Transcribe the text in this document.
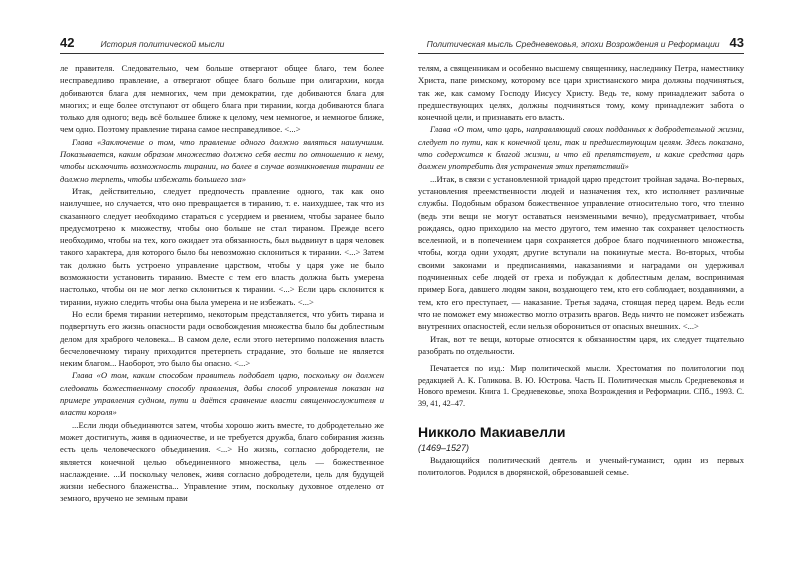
42	История политической мысли

ле правителя. Следовательно, чем больше отвергают общее благо, тем более несправедливо правление, а отвергают общее благо больше при олигархии, когда добиваются блага для немногих, чем при демократии, где добиваются блага для многих; и еще более отступают от общего блага при тирании, когда добиваются блага только для одного; ведь всё большее ближе к целому, чем немногое, и немногое ближе, чем одно. Поэтому правление тирана самое несправедливое. <...>

Глава «Заключение о том, что правление одного должно являться наилучшим. Показывается, каким образом множество должно себя вести по отношению к нему, чтобы исключить возможность тирании, но более в случае возникновения тирании ее должно терпеть, чтобы избежать большего зла»

Итак, действительно, следует предпочесть правление одного, так как оно наилучшее, но случается, что оно превращается в тиранию, т. е. наихудшее, так что из сказанного следует необходимо стараться с усердием и рвением, чтобы заранее было предусмотрено к множеству, чтобы оно больше не стал тираном. Прежде всего необходимо, чтобы на тех, кого ожидает эта обязанность, был выдвинут в царя человек такого характера, для которого было бы невозможно склониться к тирании. <...> Затем так должно быть устроено управление царством, чтобы у царя уже не было возможности установить тиранию. Вместе с тем его власть должна быть умерена настолько, чтобы он не мог легко склониться к тирании. <...> Если царь склонится к тирании, нужно следить чтобы она была умерена и не избежать. <...>

Но если бремя тирании нетерпимо, некоторым представляется, что убить тирана и подвергнуть его жизнь опасности ради освобождения множества было бы доблестным делом для храброго человека... В самом деле, если этого нетерпимо положения власть бесчеловечному тирану приходится претерпеть страдание, это больше не является неким благом... Наоборот, это было бы опасно. <...>

Глава «О том, каким способом правитель подобает царю, поскольку он должен следовать божественному способу правления, дабы способ управления показан на примере управления судном, пути и даётся сравнение власти священнослужителя и власти короля»

...Если люди объединяются затем, чтобы хорошо жить вместе, то добродетельно же может достигнуть, живя в одиночестве, и не требуется дружба, благо собирания жизнь есть цель человеческого объединения. <...> Но жизнь, согласно добродетели, не является конечной целью объединенного множества, цель — божественное наслаждение. ...И поскольку человек, живя согласно добродетели, цель для будущей жизни небесного блаженства... Управление этим, поскольку духовное отделено от земного, вручено не земным прави

Политическая мысль Средневековья, эпохи Возрождения и Реформации 43

телям, а священникам и особенно высшему священнику, наследнику Петра, наместнику Христа, папе римскому, которому все цари христианского мира должны подчиняться, так же, как самому Господу Иисусу Христу. Ведь те, кому принадлежит забота о предшествующих целях, должны подчиняться тому, кому принадлежит забота о конечной цели, и признавать его власть.

Глава «О том, что царь, направляющий своих подданных к добродетельной жизни, следует по пути, как к конечной цели, так и предшествующим целям. Здесь показано, что содержится к благой жизни, и что ей препятствует, и какие средства царь должен употребить для устранения этих препятствий»

...Итак, в связи с установленной триадой царю предстоит тройная задача. Во-первых, установления преемственности людей и назначения тех, кто исполняет различные службы. Подобным образом божественное управление относительно того, что тленно (ведь эти вещи не могут оставаться неизменными вечно), предусматривает, чтобы рождаясь, одно приходило на место другого, тем именно так сохраняет целостность вселенной, и в попечением царя сохраняется доброе благо подчиненного множества, чтобы, когда одни уходят, другие вступали на покинутые места. Во-вторых, чтобы своими законами и предписаниями, наказаниями и наградами он удерживал подчиненных себе людей от греха и побуждал к доблестным делам, воспринимая пример Бога, давшего людям закон, воздающего тем, кто его соблюдает, воздаяниями, а тем, кто его преступает, — наказание. Третья задача, стоящая перед царем. Ведь если что не поможет ему множество могло отразить врагов. Ведь ничто не поможет избежать внутренних опасностей, если нельзя оборониться от опасных внешних. <...>

Итак, вот те вещи, которые относятся к обязанностям царя, их следует тщательно разобрать по отдельности.

Печатается по изд.: Мир политической мысли. Хрестоматия по политологии под редакцией А. К. Голикова. В. Ю. Юстрова. Часть II. Политическая мысль Средневековья и Нового времени. Книга 1. Средневековье, эпоха Возрождения и Реформации. СПб., 1993. С. 39, 41, 42–47.
Никколо Макиавелли
(1469–1527)

Выдающийся политический деятель и ученый-гуманист, один из первых политологов. Родился в дворянской, обрезовавшей семье.
